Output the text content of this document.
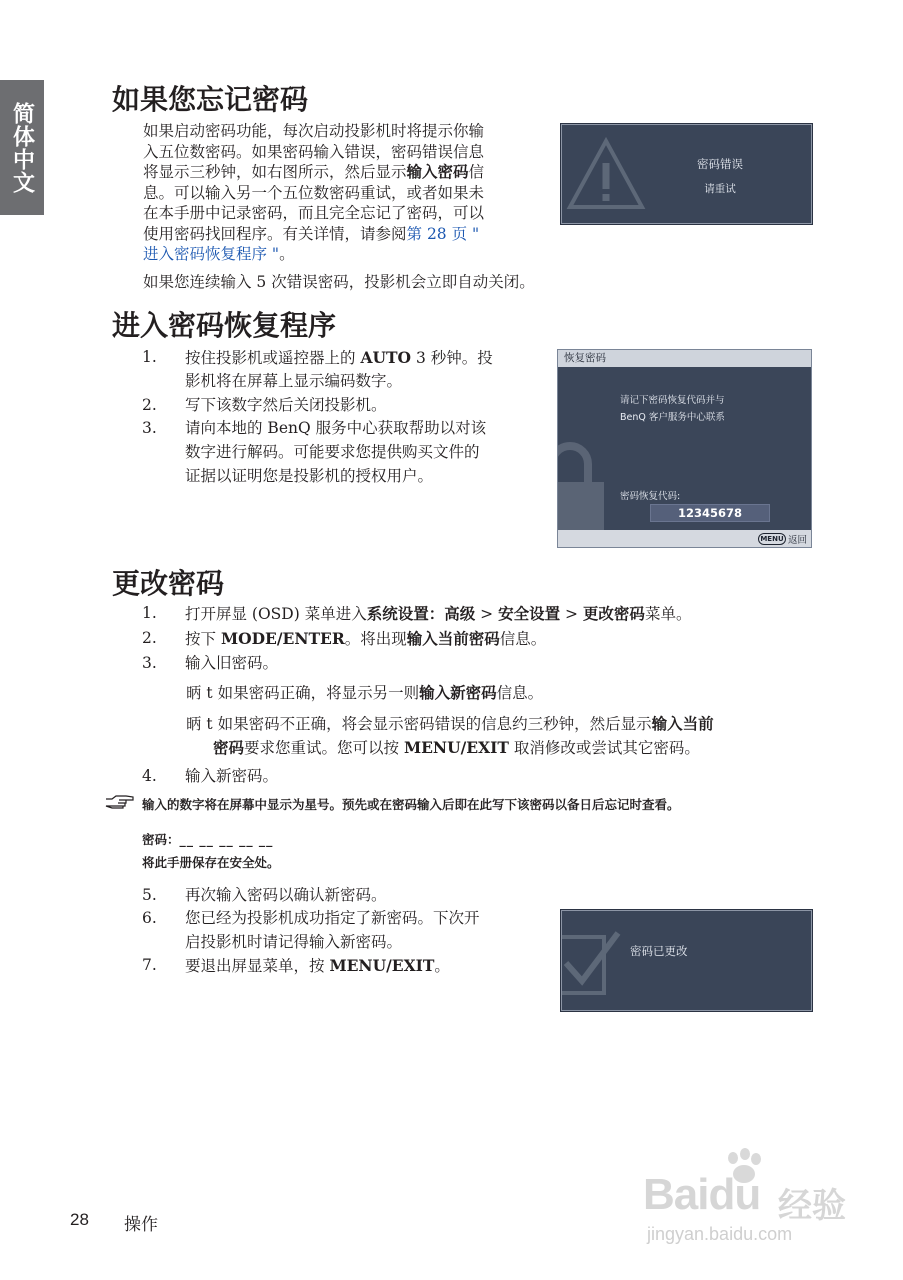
简体中文
如果您忘记密码
如果启动密码功能，每次启动投影机时将提示你输
入五位数密码。如果密码输入错误，密码错误信息
将显示三秒钟，如右图所示，然后显示输入密码信
息。可以输入另一个五位数密码重试，或者如果未
在本手册中记录密码，而且完全忘记了密码，可以
使用密码找回程序。有关详情，请参阅第 28 页 "
进入密码恢复程序 "。
如果您连续输入 5 次错误密码，投影机会立即自动关闭。
密码错误
请重试
进入密码恢复程序
1.	按住投影机或遥控器上的 AUTO 3 秒钟。投
影机将在屏幕上显示编码数字。
2.	写下该数字然后关闭投影机。
3.	请向本地的 BenQ 服务中心获取帮助以对该
数字进行解码。可能要求您提供购买文件的
证据以证明您是投影机的授权用户。
恢复密码
请记下密码恢复代码并与
BenQ 客户服务中心联系
密码恢复代码:
12345678
MENU 返回
更改密码
1.	打开屏显 (OSD) 菜单进入系统设置：高级 > 安全设置 > 更改密码菜单。
2.	按下 MODE/ENTER。将出现输入当前密码信息。
3.	输入旧密码。
昞 t 如果密码正确，将显示另一则输入新密码信息。
昞 t 如果密码不正确，将会显示密码错误的信息约三秒钟，然后显示输入当前
密码要求您重试。您可以按 MENU/EXIT 取消修改或尝试其它密码。
4.	输入新密码。
输入的数字将在屏幕中显示为星号。预先或在密码输入后即在此写下该密码以备日后忘记时查看。
密码：__ __ __ __ __
将此手册保存在安全处。
5.	再次输入密码以确认新密码。
6.	您已经为投影机成功指定了新密码。下次开
启投影机时请记得输入新密码。
7.	要退出屏显菜单，按 MENU/EXIT。
密码已更改
Baidu 经验
jingyan.baidu.com
28 操作
